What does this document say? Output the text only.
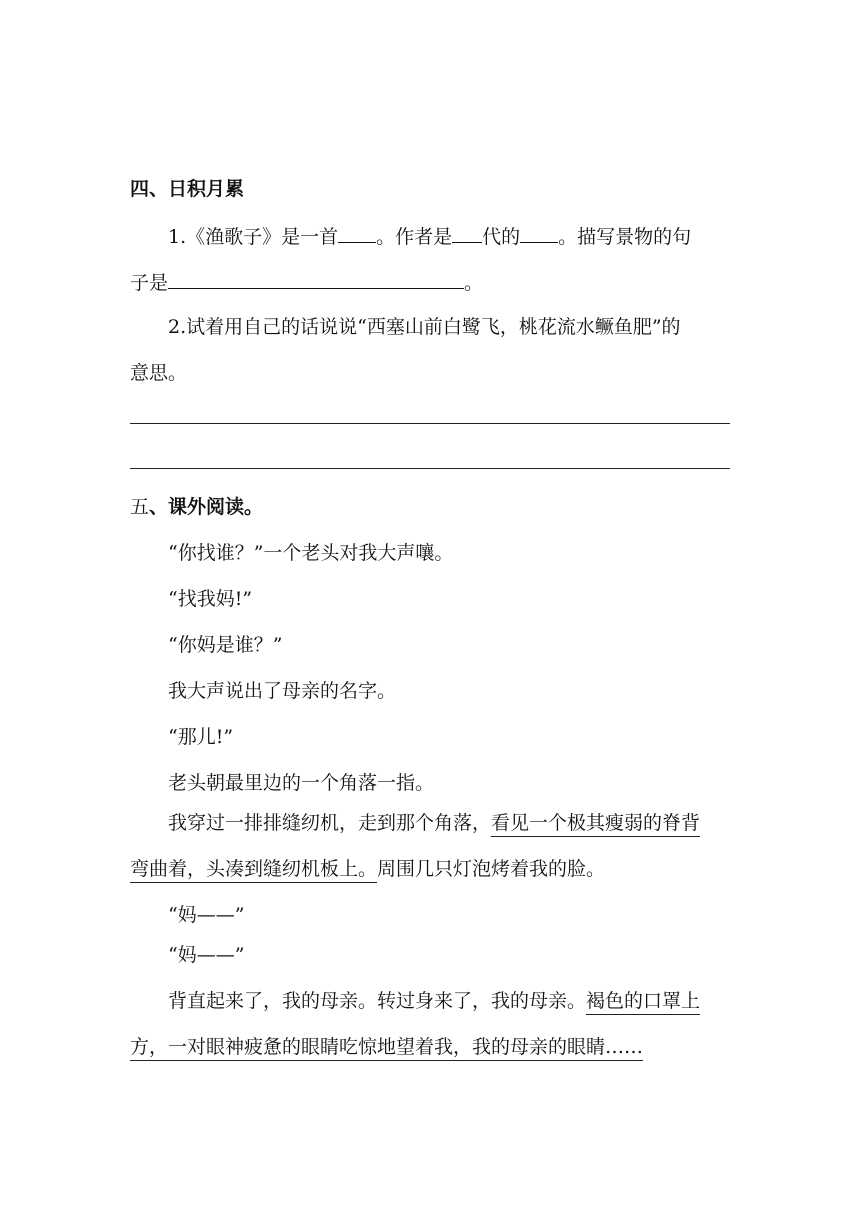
四、日积月累
1.《渔歌子》是一首 。作者是 代的 。描写景物的句
子是	。
2.试着用自己的话说说“西塞山前白鹭飞，桃花流水鳜鱼肥”的
意思。
五、课外阅读。
“你找谁？”一个老头对我大声嚷。
“找我妈!”
“你妈是谁？”
我大声说出了母亲的名字。
“那儿!”
老头朝最里边的一个角落一指。
我穿过一排排缝纫机，走到那个角落，看见一个极其瘦弱的脊背
弯曲着，头凑到缝纫机板上。周围几只灯泡烤着我的脸。
“妈——”
“妈——”
背直起来了，我的母亲。转过身来了，我的母亲。褐色的口罩上
方，一对眼神疲惫的眼睛吃惊地望着我，我的母亲的眼睛……
